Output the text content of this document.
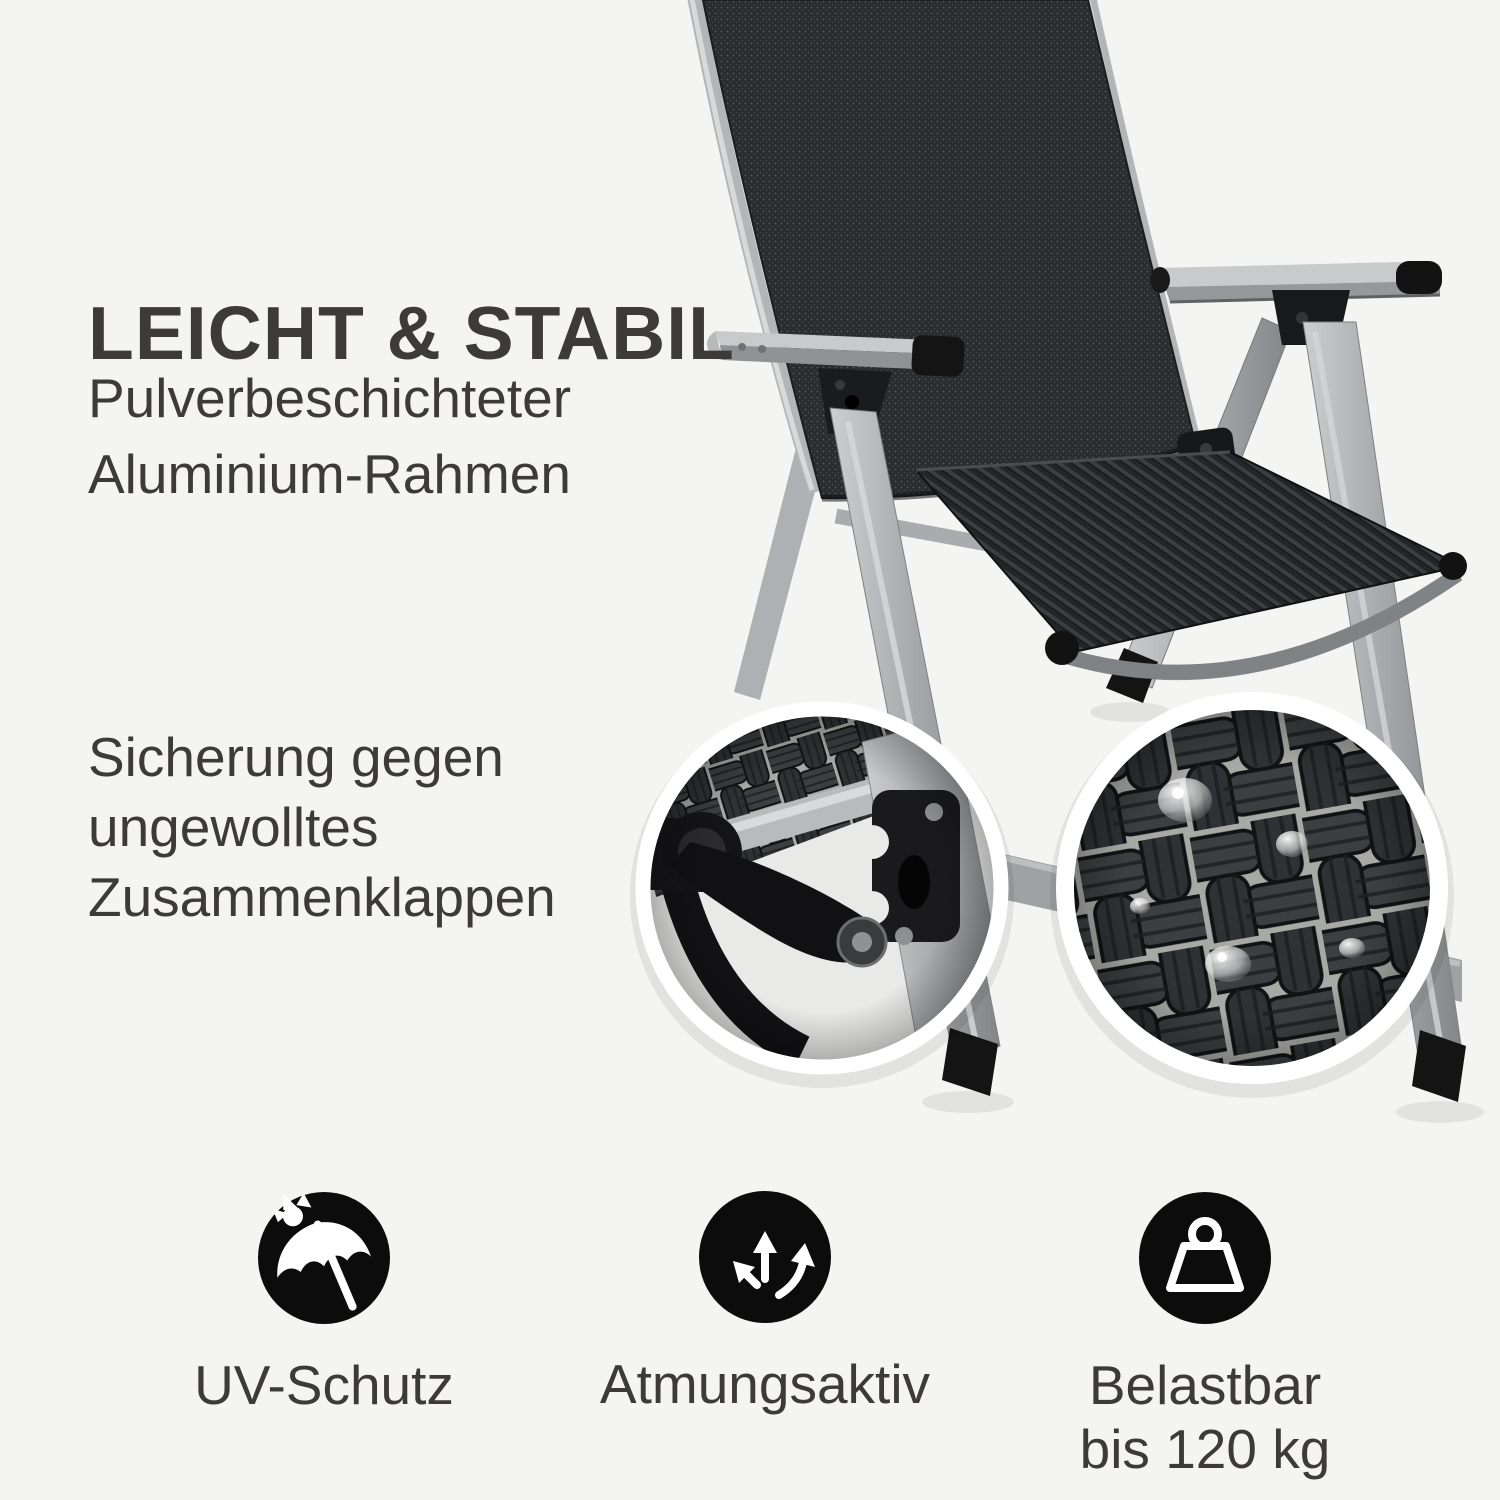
LEICHT & STABIL
Pulverbeschichteter
Aluminium-Rahmen
Sicherung gegen
ungewolltes
Zusammenklappen
UV-Schutz	Atmungsaktiv	Belastbar
bis 120 kg
